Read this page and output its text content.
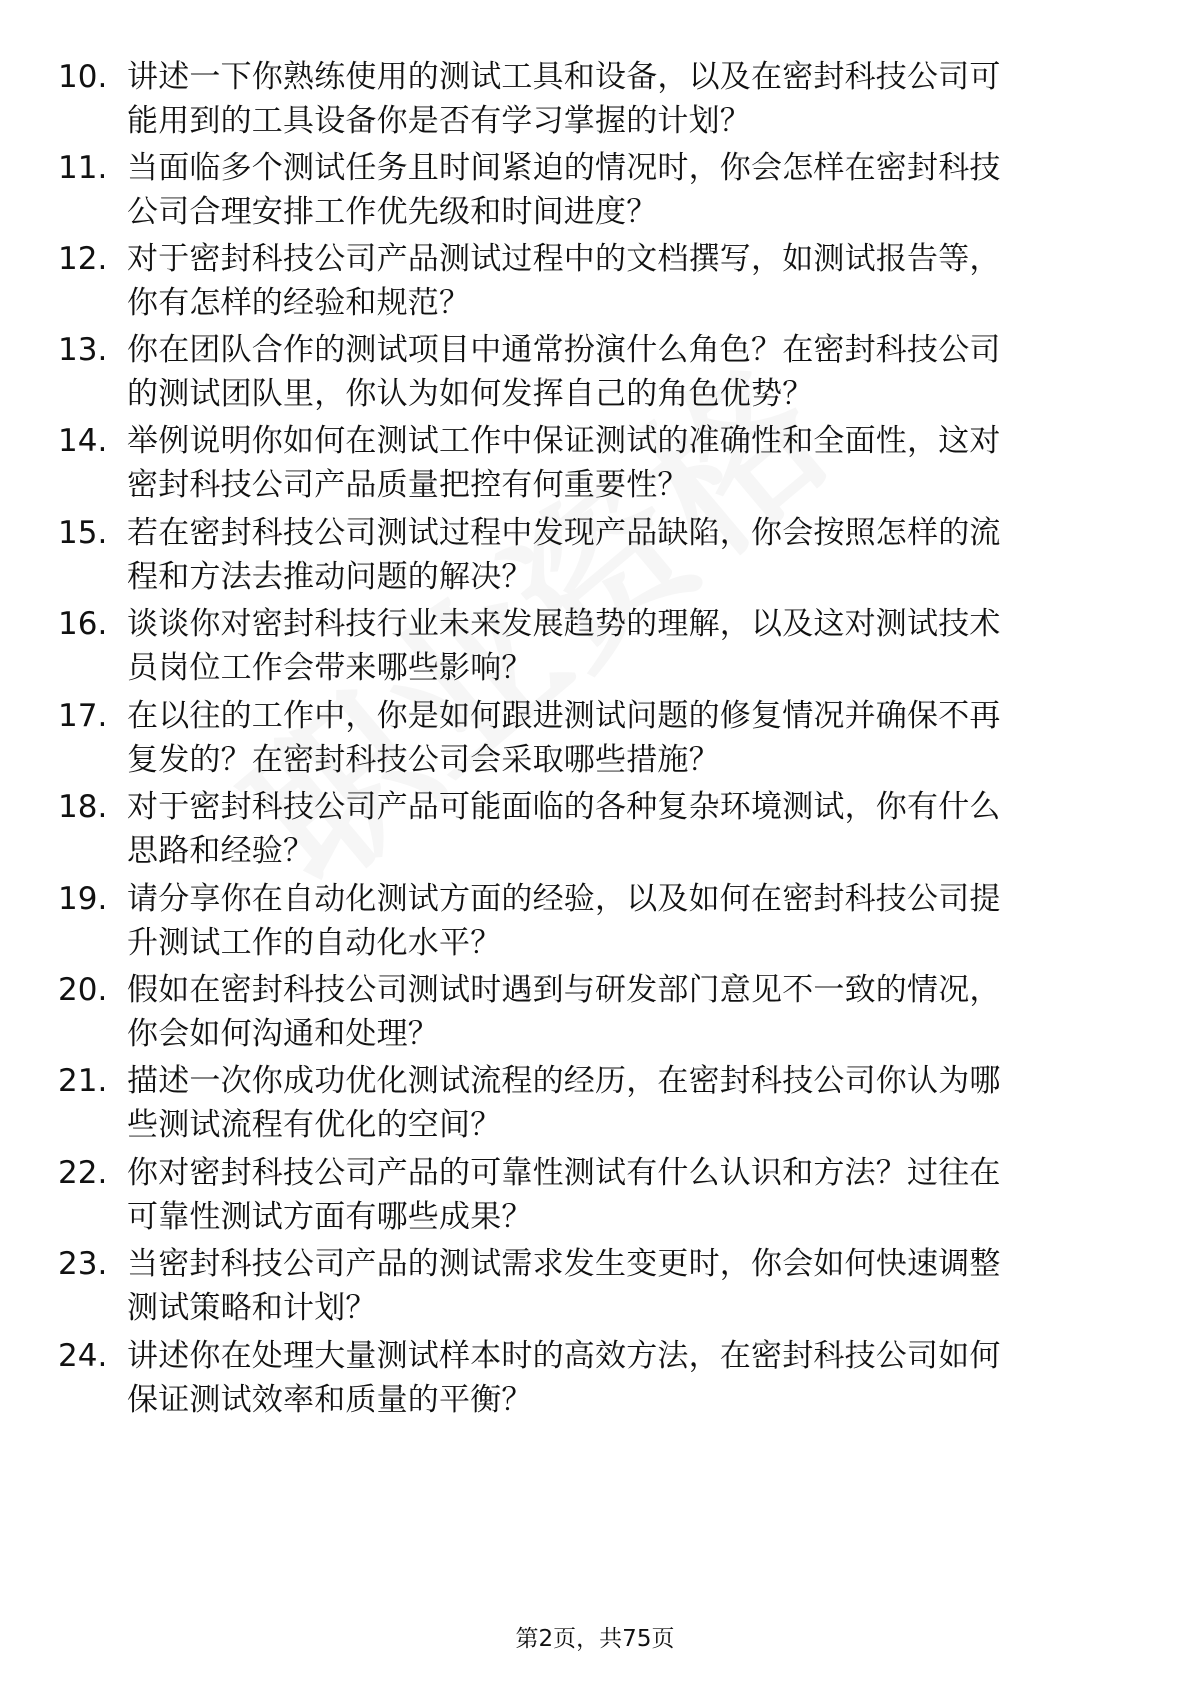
10. 讲述一下你熟练使用的测试工具和设备，以及在密封科技公司可
能用到的工具设备你是否有学习掌握的计划？
11. 当面临多个测试任务且时间紧迫的情况时，你会怎样在密封科技
公司合理安排工作优先级和时间进度？
12. 对于密封科技公司产品测试过程中的文档撰写，如测试报告等，
你有怎样的经验和规范？
13. 你在团队合作的测试项目中通常扮演什么角色？在密封科技公司
的测试团队里，你认为如何发挥自己的角色优势？
14. 举例说明你如何在测试工作中保证测试的准确性和全面性，这对
密封科技公司产品质量把控有何重要性？
15. 若在密封科技公司测试过程中发现产品缺陷，你会按照怎样的流
程和方法去推动问题的解决？
16. 谈谈你对密封科技行业未来发展趋势的理解，以及这对测试技术
员岗位工作会带来哪些影响？
17. 在以往的工作中，你是如何跟进测试问题的修复情况并确保不再
复发的？在密封科技公司会采取哪些措施？
18. 对于密封科技公司产品可能面临的各种复杂环境测试，你有什么
思路和经验？
19. 请分享你在自动化测试方面的经验，以及如何在密封科技公司提
升测试工作的自动化水平？
20. 假如在密封科技公司测试时遇到与研发部门意见不一致的情况，
你会如何沟通和处理？
21. 描述一次你成功优化测试流程的经历，在密封科技公司你认为哪
些测试流程有优化的空间？
22. 你对密封科技公司产品的可靠性测试有什么认识和方法？过往在
可靠性测试方面有哪些成果？
23. 当密封科技公司产品的测试需求发生变更时，你会如何快速调整
测试策略和计划？
24. 讲述你在处理大量测试样本时的高效方法，在密封科技公司如何
保证测试效率和质量的平衡？
第2页，共75页
